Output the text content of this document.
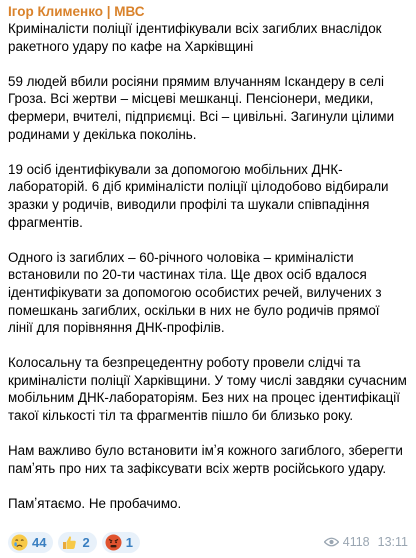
Ігор Клименко | МВС

Криміналісти поліції ідентифікували всіх загиблих внаслідок ракетного удару по кафе на Харківщині

59 людей вбили росіяни прямим влучанням Іскандеру в селі Гроза. Всі жертви – місцеві мешканці. Пенсіонери, медики, фермери, вчителі, підприємці. Всі – цивільні. Загинули цілими родинами у декілька поколінь.

19 осіб ідентифікували за допомогою мобільних ДНК-лабораторій. 6 діб криміналісти поліції цілодобово відбирали зразки у родичів, виводили профілі та шукали співпадіння фрагментів.

Одного із загиблих – 60-річного чоловіка – криміналісти встановили по 20-ти частинах тіла. Ще двох осіб вдалося ідентифікувати за допомогою особистих речей, вилучених з помешкань загиблих, оскільки в них не було родичів прямої лінії для порівняння ДНК-профілів.

Колосальну та безпрецедентну роботу провели слідчі та криміналісти поліції Харківщини. У тому числі завдяки сучасним мобільним ДНК-лабораторіям. Без них на процес ідентифікації такої кількості тіл та фрагментів пішло би близько року.

Нам важливо було встановити імʼя кожного загиблого, зберегти памʼять про них та зафіксувати всіх жертв російського удару.

Памʼятаємо. Не пробачимо.

44	2	1	4118 13:11
